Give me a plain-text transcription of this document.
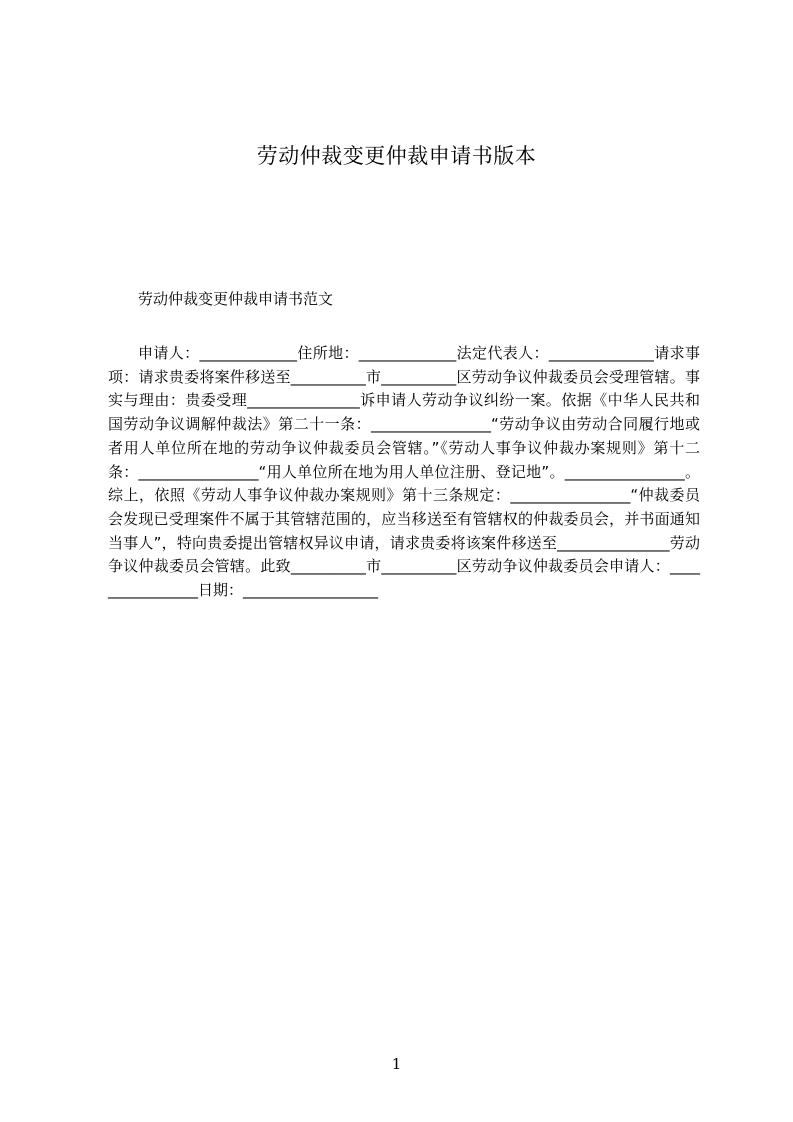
劳动仲裁变更仲裁申请书版本
劳动仲裁变更仲裁申请书范文

申请人：_____________住所地：_____________法定代表人：______________请求事项：请求贵委将案件移送至__________市__________区劳动争议仲裁委员会受理管辖。事实与理由：贵委受理_______________诉申请人劳动争议纠纷一案。依据《中华人民共和国劳动争议调解仲裁法》第二十一条：________________“劳动争议由劳动合同履行地或者用人单位所在地的劳动争议仲裁委员会管辖。”《劳动人事争议仲裁办案规则》第十二条：________________“用人单位所在地为用人单位注册、登记地”。________________。综上，依照《劳动人事争议仲裁办案规则》第十三条规定：________________“仲裁委员会发现已受理案件不属于其管辖范围的，应当移送至有管辖权的仲裁委员会，并书面通知当事人”，特向贵委提出管辖权异议申请，请求贵委将该案件移送至_______________劳动争议仲裁委员会管辖。此致__________市__________区劳动争议仲裁委员会申请人：________________日期：__________________

1
